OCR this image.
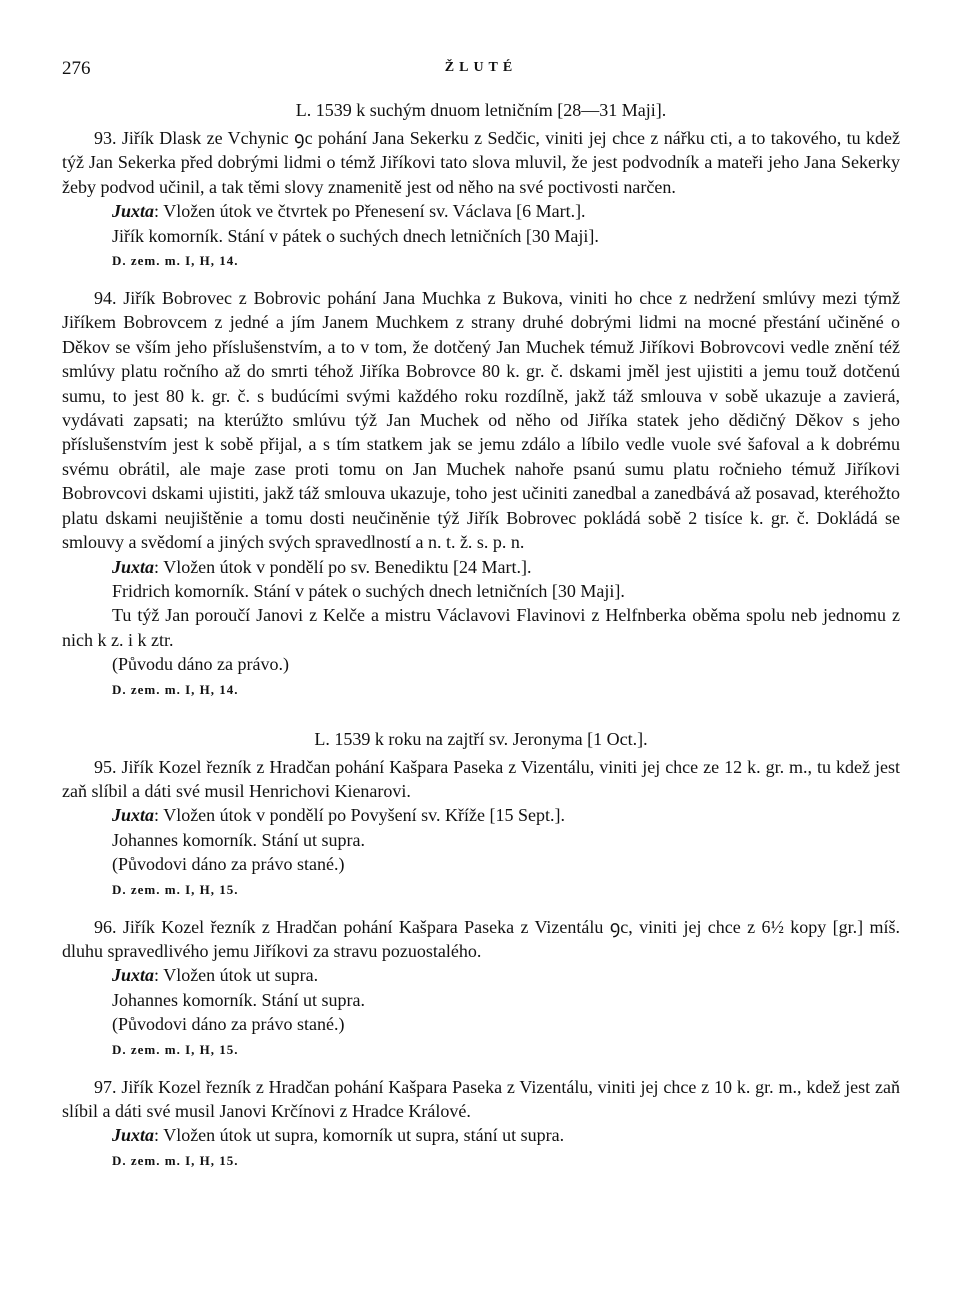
276	ŽLUTÉ

L. 1539 k suchým dnuom letničním [28—31 Maji].

93. Jiřík Dlask ze Vchynic ꝯc pohání Jana Sekerku z Sedčic, viniti jej chce z nářku cti, a to takového, tu kdež týž Jan Sekerka před dobrými lidmi o témž Jiříkovi tato slova mluvil, že jest podvodník a mateři jeho Jana Sekerky žeby podvod učinil, a tak těmi slovy znamenitě jest od něho na své poctivosti narčen.

Juxta: Vložen útok ve čtvrtek po Přenesení sv. Václava [6 Mart.].

Jiřík komorník. Stání v pátek o suchých dnech letničních [30 Maji].

D. zem. m. I, H, 14.

94. Jiřík Bobrovec z Bobrovic pohání Jana Muchka z Bukova, viniti ho chce z nedržení smlúvy mezi týmž Jiříkem Bobrovcem z jedné a jím Janem Muchkem z strany druhé dobrými lidmi na mocné přestání učiněné o Děkov se vším jeho příslušenstvím, a to v tom, že dotčený Jan Muchek témuž Jiříkovi Bobrovcovi vedle znění též smlúvy platu ročního až do smrti téhož Jiříka Bobrovce 80 k. gr. č. dskami jměl jest ujistiti a jemu touž dotčenú sumu, to jest 80 k. gr. č. s budúcími svými každého roku rozdílně, jakž táž smlouva v sobě ukazuje a zavierá, vydávati zapsati; na kterúžto smlúvu týž Jan Muchek od něho od Jiříka statek jeho dědičný Děkov s jeho příslušenstvím jest k sobě přijal, a s tím statkem jak se jemu zdálo a líbilo vedle vuole své šafoval a k dobrému svému obrátil, ale maje zase proti tomu on Jan Muchek nahoře psanú sumu platu ročnieho témuž Jiříkovi Bobrovcovi dskami ujistiti, jakž táž smlouva ukazuje, toho jest učiniti zanedbal a zanedbává až posavad, kteréhožto platu dskami neujištěnie a tomu dosti neučiněnie týž Jiřík Bobrovec pokládá sobě 2 tisíce k. gr. č. Dokládá se smlouvy a svědomí a jiných svých spravedlností a n. t. ž. s. p. n.

Juxta: Vložen útok v pondělí po sv. Benediktu [24 Mart.].

Fridrich komorník. Stání v pátek o suchých dnech letničních [30 Maji].

Tu týž Jan poroučí Janovi z Kelče a mistru Václavovi Flavinovi z Helfnberka oběma spolu neb jednomu z nich k z. i k ztr.

(Původu dáno za právo.)

D. zem. m. I, H, 14.

L. 1539 k roku na zajtří sv. Jeronyma [1 Oct.].

95. Jiřík Kozel řezník z Hradčan pohání Kašpara Paseka z Vizentálu, viniti jej chce ze 12 k. gr. m., tu kdež jest zaň slíbil a dáti své musil Henrichovi Kienarovi.

Juxta: Vložen útok v pondělí po Povyšení sv. Kříže [15 Sept.].

Johannes komorník. Stání ut supra.

(Původovi dáno za právo stané.)

D. zem. m. I, H, 15.

96. Jiřík Kozel řezník z Hradčan pohání Kašpara Paseka z Vizentálu ꝯc, viniti jej chce z 6½ kopy [gr.] míš. dluhu spravedlivého jemu Jiříkovi za stravu pozuostalého.

Juxta: Vložen útok ut supra.

Johannes komorník. Stání ut supra.

(Původovi dáno za právo stané.)

D. zem. m. I, H, 15.

97. Jiřík Kozel řezník z Hradčan pohání Kašpara Paseka z Vizentálu, viniti jej chce z 10 k. gr. m., kdež jest zaň slíbil a dáti své musil Janovi Krčínovi z Hradce Králové.

Juxta: Vložen útok ut supra, komorník ut supra, stání ut supra.

D. zem. m. I, H, 15.
